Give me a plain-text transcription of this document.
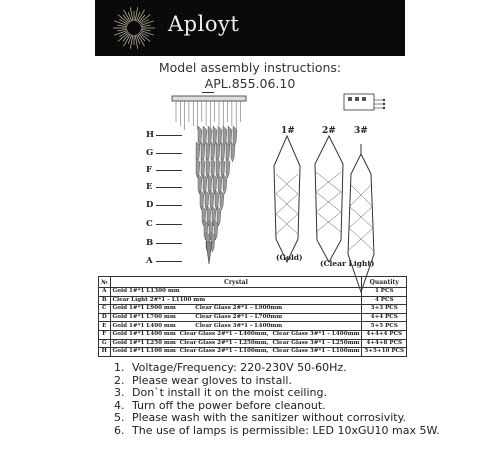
Aployt
Model assembly instructions:
APL.855.06.10
H
G
F
E
D
C
B
A
1#	2# 3#
(Gold)
(Clear Light)
№	Crystal	Quantity
A	Gold 1#*1 L1300 mm	1 PCS
B	Clear Light 2#*1 – L1100 mm	4 PCS
C	Gold 1#*1 L900 mm          Clear Glass 2#*1 – L900mm	3+3 PCS
D	Gold 1#*1 L700 mm          Clear Glass 2#*1 – L700mm	4+4 PCS
E	Gold 1#*1 L400 mm          Clear Glass 3#*1 – L400mm	5+5 PCS
F	Gold 1#*1 L400 mm  Clear Glass 2#*1 – L400mm,  Clear Glass 3#*1 – L400mm	4+4+4 PCS
G	Gold 1#*1 L250 mm  Clear Glass 2#*1 – L250mm,  Clear Glass 3#*1 – L250mm	4+4+8 PCS
H	Gold 1#*1 L100 mm  Clear Glass 2#*1 – L100mm,  Clear Glass 3#*1 – L100mm	5+5+10 PCS
1. Voltage/Frequency: 220-230V 50-60Hz.
2. Please wear gloves to install.
3. Don`t install it on the moist ceiling.
4. Turn off the power before cleanout.
5. Please wash with the sanitizer without corrosivity.
6. The use of lamps is permissible: LED 10xGU10 max 5W.
